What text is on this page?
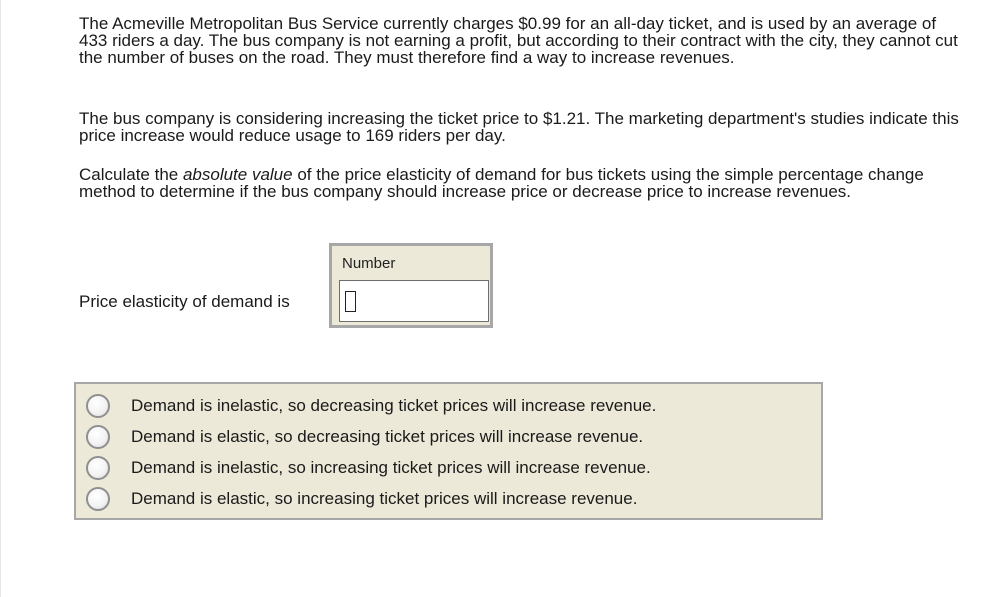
The Acmeville Metropolitan Bus Service currently charges $0.99 for an all-day ticket, and is used by an average of 433 riders a day. The bus company is not earning a profit, but according to their contract with the city, they cannot cut the number of buses on the road. They must therefore find a way to increase revenues.

The bus company is considering increasing the ticket price to $1.21. The marketing department's studies indicate this price increase would reduce usage to 169 riders per day.

Calculate the absolute value of the price elasticity of demand for bus tickets using the simple percentage change method to determine if the bus company should increase price or decrease price to increase revenues.

Price elasticity of demand is
Number
Demand is inelastic, so decreasing ticket prices will increase revenue.
Demand is elastic, so decreasing ticket prices will increase revenue.
Demand is inelastic, so increasing ticket prices will increase revenue.
Demand is elastic, so increasing ticket prices will increase revenue.
